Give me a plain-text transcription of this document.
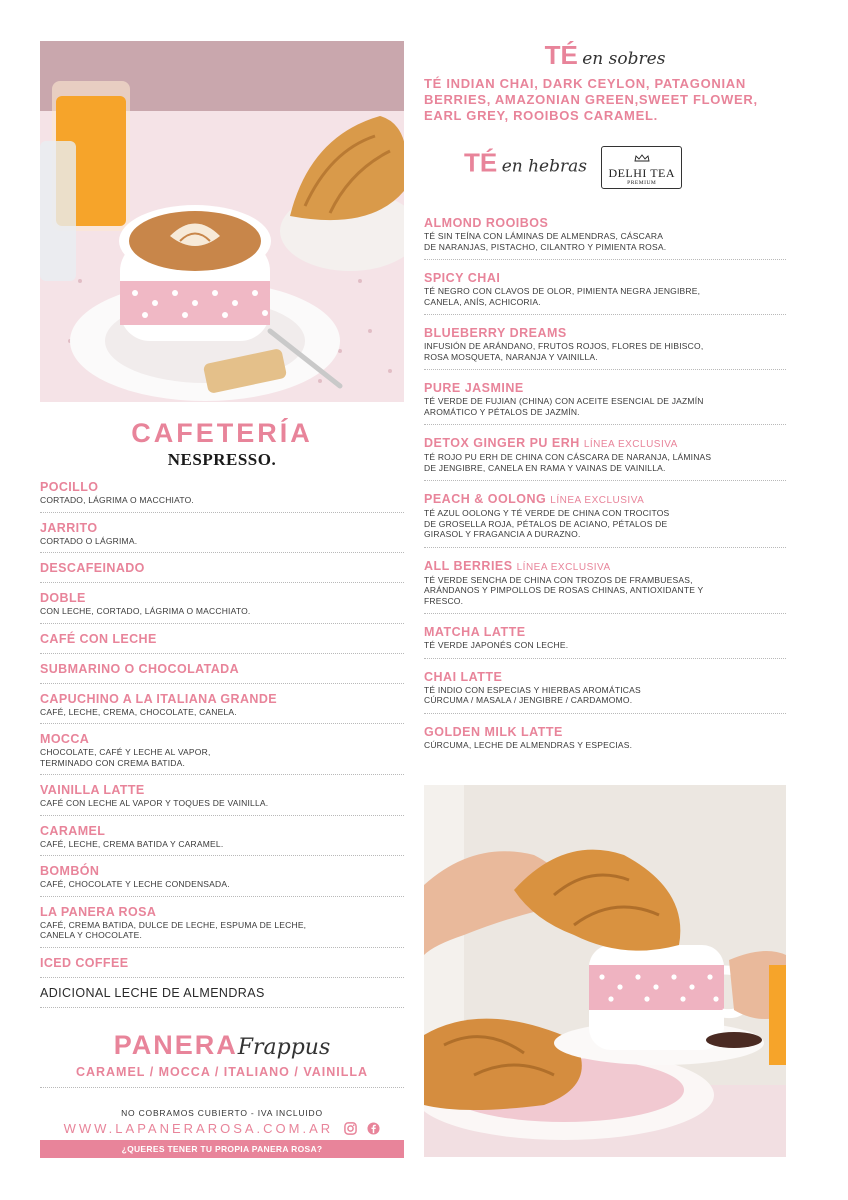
CAFETERÍA
NESPRESSO.
POCILLO
CORTADO, LÁGRIMA O MACCHIATO.
JARRITO
CORTADO O LÁGRIMA.
DESCAFEINADO
DOBLE
CON LECHE, CORTADO, LÁGRIMA O MACCHIATO.
CAFÉ CON LECHE
SUBMARINO O CHOCOLATADA
CAPUCHINO A LA ITALIANA GRANDE
CAFÉ, LECHE, CREMA, CHOCOLATE, CANELA.
MOCCA
CHOCOLATE, CAFÉ Y LECHE AL VAPOR, TERMINADO CON CREMA BATIDA.
VAINILLA LATTE
CAFÉ CON LECHE AL VAPOR Y TOQUES DE VAINILLA.
CARAMEL
CAFÉ, LECHE, CREMA BATIDA Y CARAMEL.
BOMBÓN
CAFÉ, CHOCOLATE Y LECHE CONDENSADA.
LA PANERA ROSA
CAFÉ, CREMA BATIDA, DULCE DE LECHE, ESPUMA DE LECHE, CANELA Y CHOCOLATE.
ICED COFFEE
ADICIONAL LECHE DE ALMENDRAS
PANERAFrappus
CARAMEL / MOCCA / ITALIANO / VAINILLA
NO COBRAMOS CUBIERTO - IVA INCLUIDO
WWW.LAPANERAROSA.COM.AR
¿QUERES TENER TU PROPIA PANERA ROSA? FRANQUICIAS@LAPANERAROSA.COM.AR
TÉ en sobres
TÉ INDIAN CHAI, DARK CEYLON, PATAGONIAN BERRIES, AMAZONIAN GREEN,SWEET FLOWER, EARL GREY, ROOIBOS CARAMEL.
TÉ en hebras DELHI TEA
PREMIUM
ALMOND ROOIBOS
TÉ SIN TEÍNA CON LÁMINAS DE ALMENDRAS, CÁSCARA DE NARANJAS, PISTACHO, CILANTRO Y PIMIENTA ROSA.
SPICY CHAI
TÉ NEGRO CON CLAVOS DE OLOR, PIMIENTA NEGRA JENGIBRE, CANELA, ANÍS, ACHICORIA.
BLUEBERRY DREAMS
INFUSIÓN DE ARÁNDANO, FRUTOS ROJOS, FLORES DE HIBISCO, ROSA MOSQUETA, NARANJA Y VAINILLA.
PURE JASMINE
TÉ VERDE DE FUJIAN (CHINA) CON ACEITE ESENCIAL DE JAZMÍN AROMÁTICO Y PÉTALOS DE JAZMÍN.
DETOX GINGER PU ERH LÍNEA EXCLUSIVA
TÉ ROJO PU ERH DE CHINA CON CÁSCARA DE NARANJA, LÁMINAS DE JENGIBRE, CANELA EN RAMA Y VAINAS DE VAINILLA.
PEACH & OOLONG LÍNEA EXCLUSIVA
TÉ AZUL OOLONG Y TÉ VERDE DE CHINA CON TROCITOS DE GROSELLA ROJA, PÉTALOS DE ACIANO, PÉTALOS DE GIRASOL Y FRAGANCIA A DURAZNO.
ALL BERRIES LÍNEA EXCLUSIVA
TÉ VERDE SENCHA DE CHINA CON TROZOS DE FRAMBUESAS, ARÁNDANOS Y PIMPOLLOS DE ROSAS CHINAS, ANTIOXIDANTE Y FRESCO.
MATCHA LATTE
TÉ VERDE JAPONÉS CON LECHE.
CHAI LATTE
TÉ INDIO CON ESPECIAS Y HIERBAS AROMÁTICAS CÚRCUMA / MASALA / JENGIBRE / CARDAMOMO.
GOLDEN MILK LATTE
CÚRCUMA, LECHE DE ALMENDRAS Y ESPECIAS.
